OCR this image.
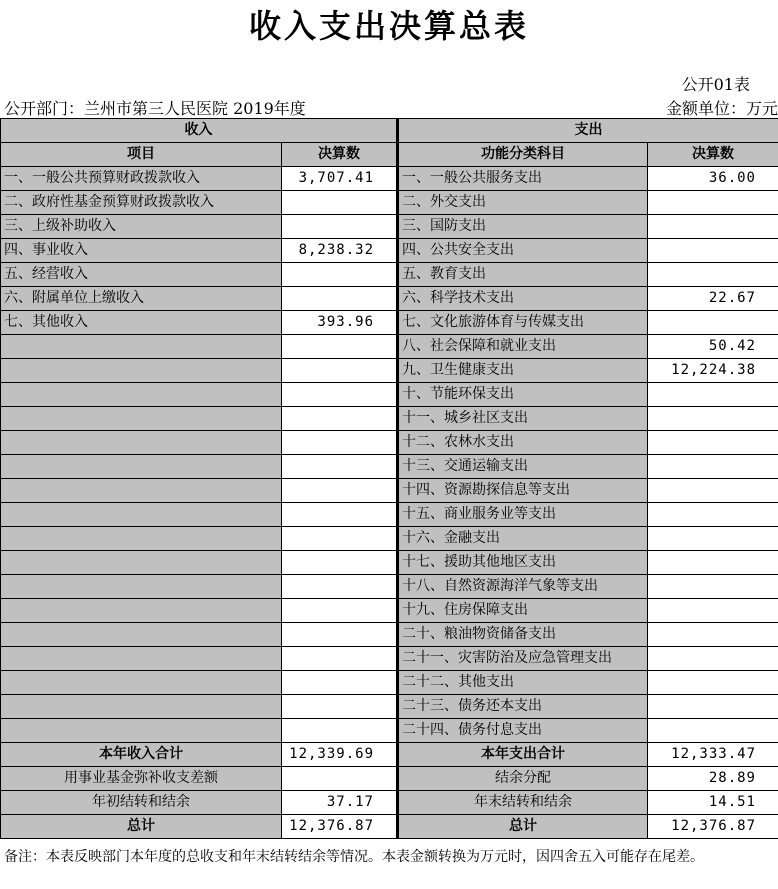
收入支出决算总表
公开01表
公开部门：兰州市第三人民医院 2019年度	金额单位：万元
收入		支出	
项目	决算数	功能分类科目	决算数
一、一般公共预算财政拨款收入	3,707.41	一、一般公共服务支出	36.00
二、政府性基金预算财政拨款收入		二、外交支出	
三、上级补助收入		三、国防支出	
四、事业收入	8,238.32	四、公共安全支出	
五、经营收入		五、教育支出	
六、附属单位上缴收入		六、科学技术支出	22.67
七、其他收入	393.96	七、文化旅游体育与传媒支出	
		八、社会保障和就业支出	50.42
		九、卫生健康支出	12,224.38
		十、节能环保支出	
		十一、城乡社区支出	
		十二、农林水支出	
		十三、交通运输支出	
		十四、资源勘探信息等支出	
		十五、商业服务业等支出	
		十六、金融支出	
		十七、援助其他地区支出	
		十八、自然资源海洋气象等支出	
		十九、住房保障支出	
		二十、粮油物资储备支出	
		二十一、灾害防治及应急管理支出	
		二十二、其他支出	
		二十三、债务还本支出	
		二十四、债务付息支出	
本年收入合计	12,339.69	本年支出合计	12,333.47
用事业基金弥补收支差额		结余分配	28.89
年初结转和结余	37.17	年末结转和结余	14.51
总计	12,376.87	总计	12,376.87
备注：本表反映部门本年度的总收支和年末结转结余等情况。本表金额转换为万元时，因四舍五入可能存在尾差。
